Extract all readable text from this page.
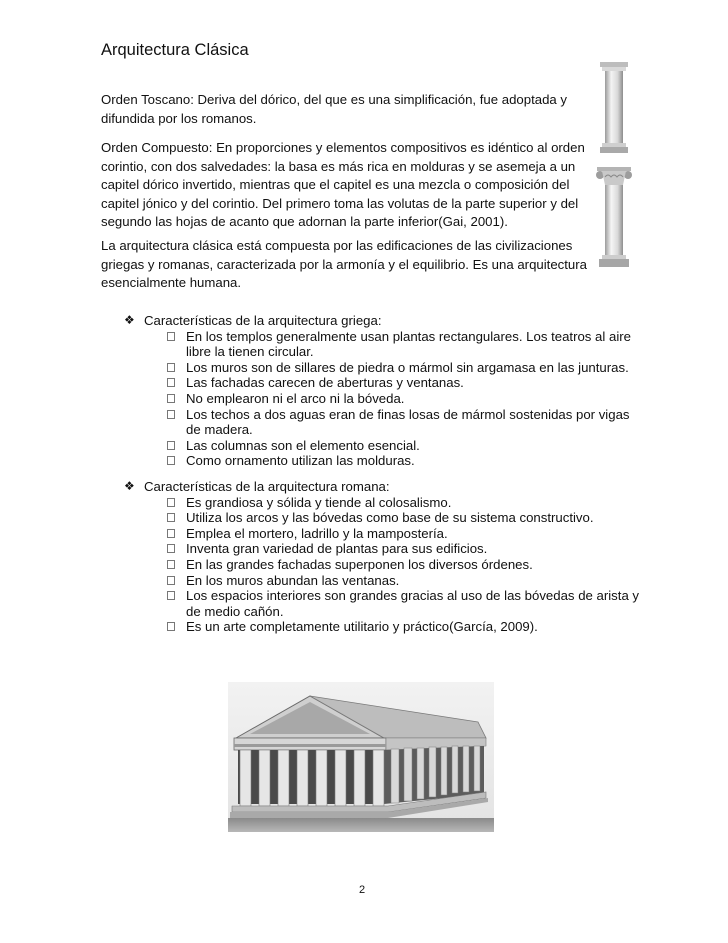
Arquitectura Clásica

Orden Toscano: Deriva del dórico, del que es una simplificación, fue adoptada y difundida por los romanos.

Orden Compuesto: En proporciones y elementos compositivos es idéntico al orden corintio, con dos salvedades: la basa es más rica en molduras y se asemeja a un capitel dórico invertido, mientras que el capitel es una mezcla o composición del capitel jónico y del corintio. Del primero toma las volutas de la parte superior y del segundo las hojas de acanto que adornan la parte inferior(Gai, 2001).

La arquitectura clásica está compuesta por las edificaciones de las civilizaciones griegas y romanas, caracterizada por la armonía y el equilibrio. Es una arquitectura esencialmente humana.

❖ Características de la arquitectura griega:
En los templos generalmente usan plantas rectangulares. Los teatros al aire libre la tienen circular.
Los muros son de sillares de piedra o mármol sin argamasa en las junturas.
Las fachadas carecen de aberturas y ventanas.
No emplearon ni el arco ni la bóveda.
Los techos a dos aguas eran de finas losas de mármol sostenidas por vigas de madera.
Las columnas son el elemento esencial.
Como ornamento utilizan las molduras.
❖ Características de la arquitectura romana:
Es grandiosa y sólida y tiende al colosalismo.
Utiliza los arcos y las bóvedas como base de su sistema constructivo.
Emplea el mortero, ladrillo y la mampostería.
Inventa gran variedad de plantas para sus edificios.
En las grandes fachadas superponen los diversos órdenes.
En los muros abundan las ventanas.
Los espacios interiores son grandes gracias al uso de las bóvedas de arista y de medio cañón.
Es un arte completamente utilitario y práctico(García, 2009).
2
